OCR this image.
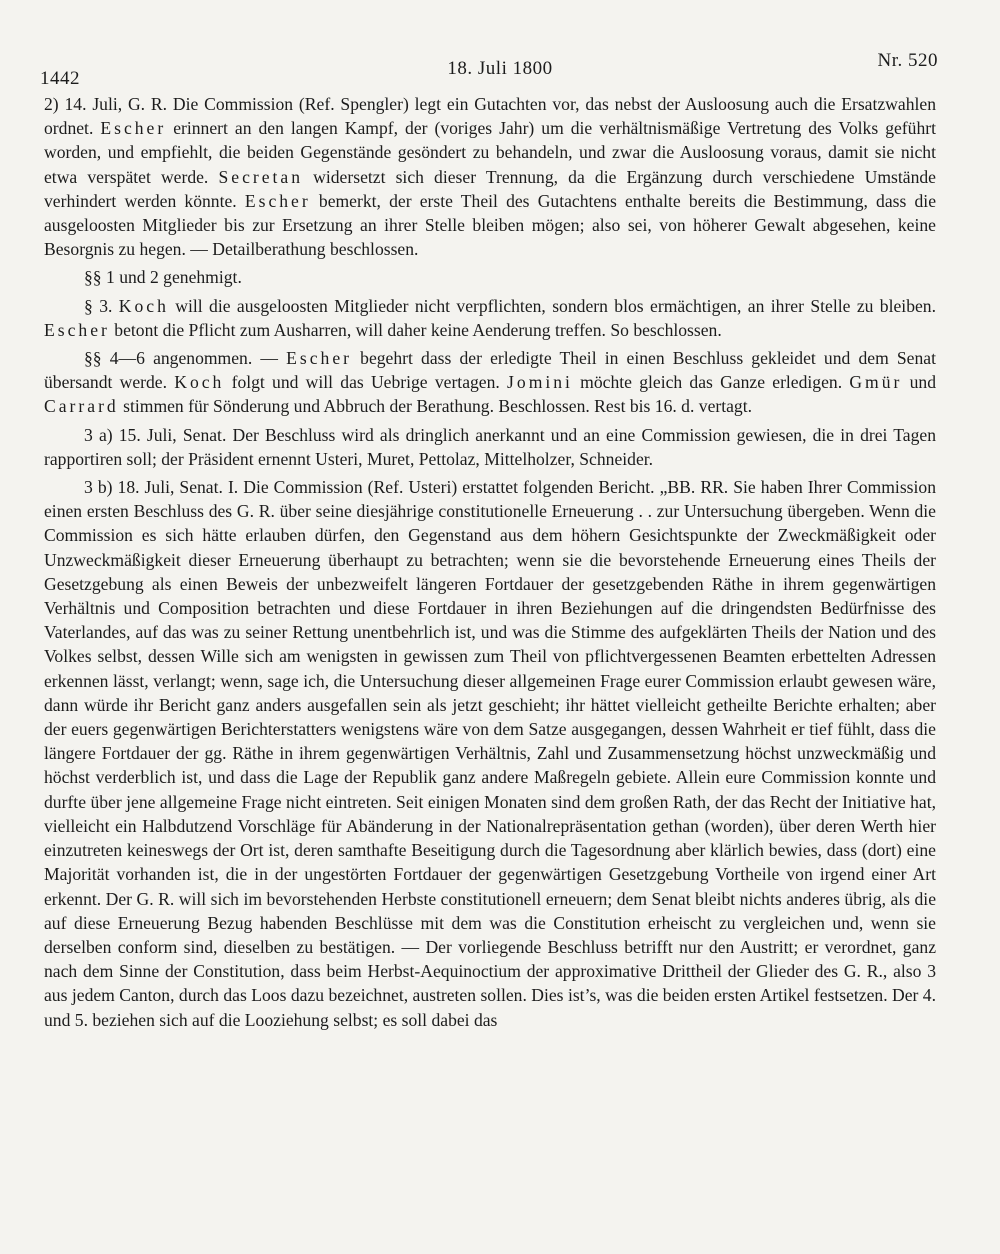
1442	18. Juli 1800	Nr. 520

2) 14. Juli, G. R. Die Commission (Ref. Spengler) legt ein Gutachten vor, das nebst der Ausloosung auch die Ersatzwahlen ordnet. Escher erinnert an den langen Kampf, der (voriges Jahr) um die verhältnismäßige Vertretung des Volks geführt worden, und empfiehlt, die beiden Gegenstände gesöndert zu behandeln, und zwar die Ausloosung voraus, damit sie nicht etwa verspätet werde. Secretan widersetzt sich dieser Trennung, da die Ergänzung durch verschiedene Umstände verhindert werden könnte. Escher bemerkt, der erste Theil des Gutachtens enthalte bereits die Bestimmung, dass die ausgeloosten Mitglieder bis zur Ersetzung an ihrer Stelle bleiben mögen; also sei, von höherer Gewalt abgesehen, keine Besorgnis zu hegen. — Detailberathung beschlossen.

§§ 1 und 2 genehmigt.

§ 3. Koch will die ausgeloosten Mitglieder nicht verpflichten, sondern blos ermächtigen, an ihrer Stelle zu bleiben. Escher betont die Pflicht zum Ausharren, will daher keine Aenderung treffen. So beschlossen.

§§ 4—6 angenommen. — Escher begehrt dass der erledigte Theil in einen Beschluss gekleidet und dem Senat übersandt werde. Koch folgt und will das Uebrige vertagen. Jomini möchte gleich das Ganze erledigen. Gmür und Carrard stimmen für Sönderung und Abbruch der Berathung. Beschlossen. Rest bis 16. d. vertagt.

3 a) 15. Juli, Senat. Der Beschluss wird als dringlich anerkannt und an eine Commission gewiesen, die in drei Tagen rapportiren soll; der Präsident ernennt Usteri, Muret, Pettolaz, Mittelholzer, Schneider.

3 b) 18. Juli, Senat. I. Die Commission (Ref. Usteri) erstattet folgenden Bericht. „BB. RR. Sie haben Ihrer Commission einen ersten Beschluss des G. R. über seine diesjährige constitutionelle Erneuerung . . zur Untersuchung übergeben. Wenn die Commission es sich hätte erlauben dürfen, den Gegenstand aus dem höhern Gesichtspunkte der Zweckmäßigkeit oder Unzweckmäßigkeit dieser Erneuerung überhaupt zu betrachten; wenn sie die bevorstehende Erneuerung eines Theils der Gesetzgebung als einen Beweis der unbezweifelt längeren Fortdauer der gesetzgebenden Räthe in ihrem gegenwärtigen Verhältnis und Composition betrachten und diese Fortdauer in ihren Beziehungen auf die dringendsten Bedürfnisse des Vaterlandes, auf das was zu seiner Rettung unentbehrlich ist, und was die Stimme des aufgeklärten Theils der Nation und des Volkes selbst, dessen Wille sich am wenigsten in gewissen zum Theil von pflichtvergessenen Beamten erbettelten Adressen erkennen lässt, verlangt; wenn, sage ich, die Untersuchung dieser allgemeinen Frage eurer Commission erlaubt gewesen wäre, dann würde ihr Bericht ganz anders ausgefallen sein als jetzt geschieht; ihr hättet vielleicht getheilte Berichte erhalten; aber der euers gegenwärtigen Berichterstatters wenigstens wäre von dem Satze ausgegangen, dessen Wahrheit er tief fühlt, dass die längere Fortdauer der gg. Räthe in ihrem gegenwärtigen Verhältnis, Zahl und Zusammensetzung höchst unzweckmäßig und höchst verderblich ist, und dass die Lage der Republik ganz andere Maßregeln gebiete. Allein eure Commission konnte und durfte über jene allgemeine Frage nicht eintreten. Seit einigen Monaten sind dem großen Rath, der das Recht der Initiative hat, vielleicht ein Halbdutzend Vorschläge für Abänderung in der Nationalrepräsentation gethan (worden), über deren Werth hier einzutreten keineswegs der Ort ist, deren samthafte Beseitigung durch die Tagesordnung aber klärlich bewies, dass (dort) eine Majorität vorhanden ist, die in der ungestörten Fortdauer der gegenwärtigen Gesetzgebung Vortheile von irgend einer Art erkennt. Der G. R. will sich im bevorstehenden Herbste constitutionell erneuern; dem Senat bleibt nichts anderes übrig, als die auf diese Erneuerung Bezug habenden Beschlüsse mit dem was die Constitution erheischt zu vergleichen und, wenn sie derselben conform sind, dieselben zu bestätigen. — Der vorliegende Beschluss betrifft nur den Austritt; er verordnet, ganz nach dem Sinne der Constitution, dass beim Herbst-Aequinoctium der approximative Drittheil der Glieder des G. R., also 3 aus jedem Canton, durch das Loos dazu bezeichnet, austreten sollen. Dies ist’s, was die beiden ersten Artikel festsetzen. Der 4. und 5. beziehen sich auf die Looziehung selbst; es soll dabei das
